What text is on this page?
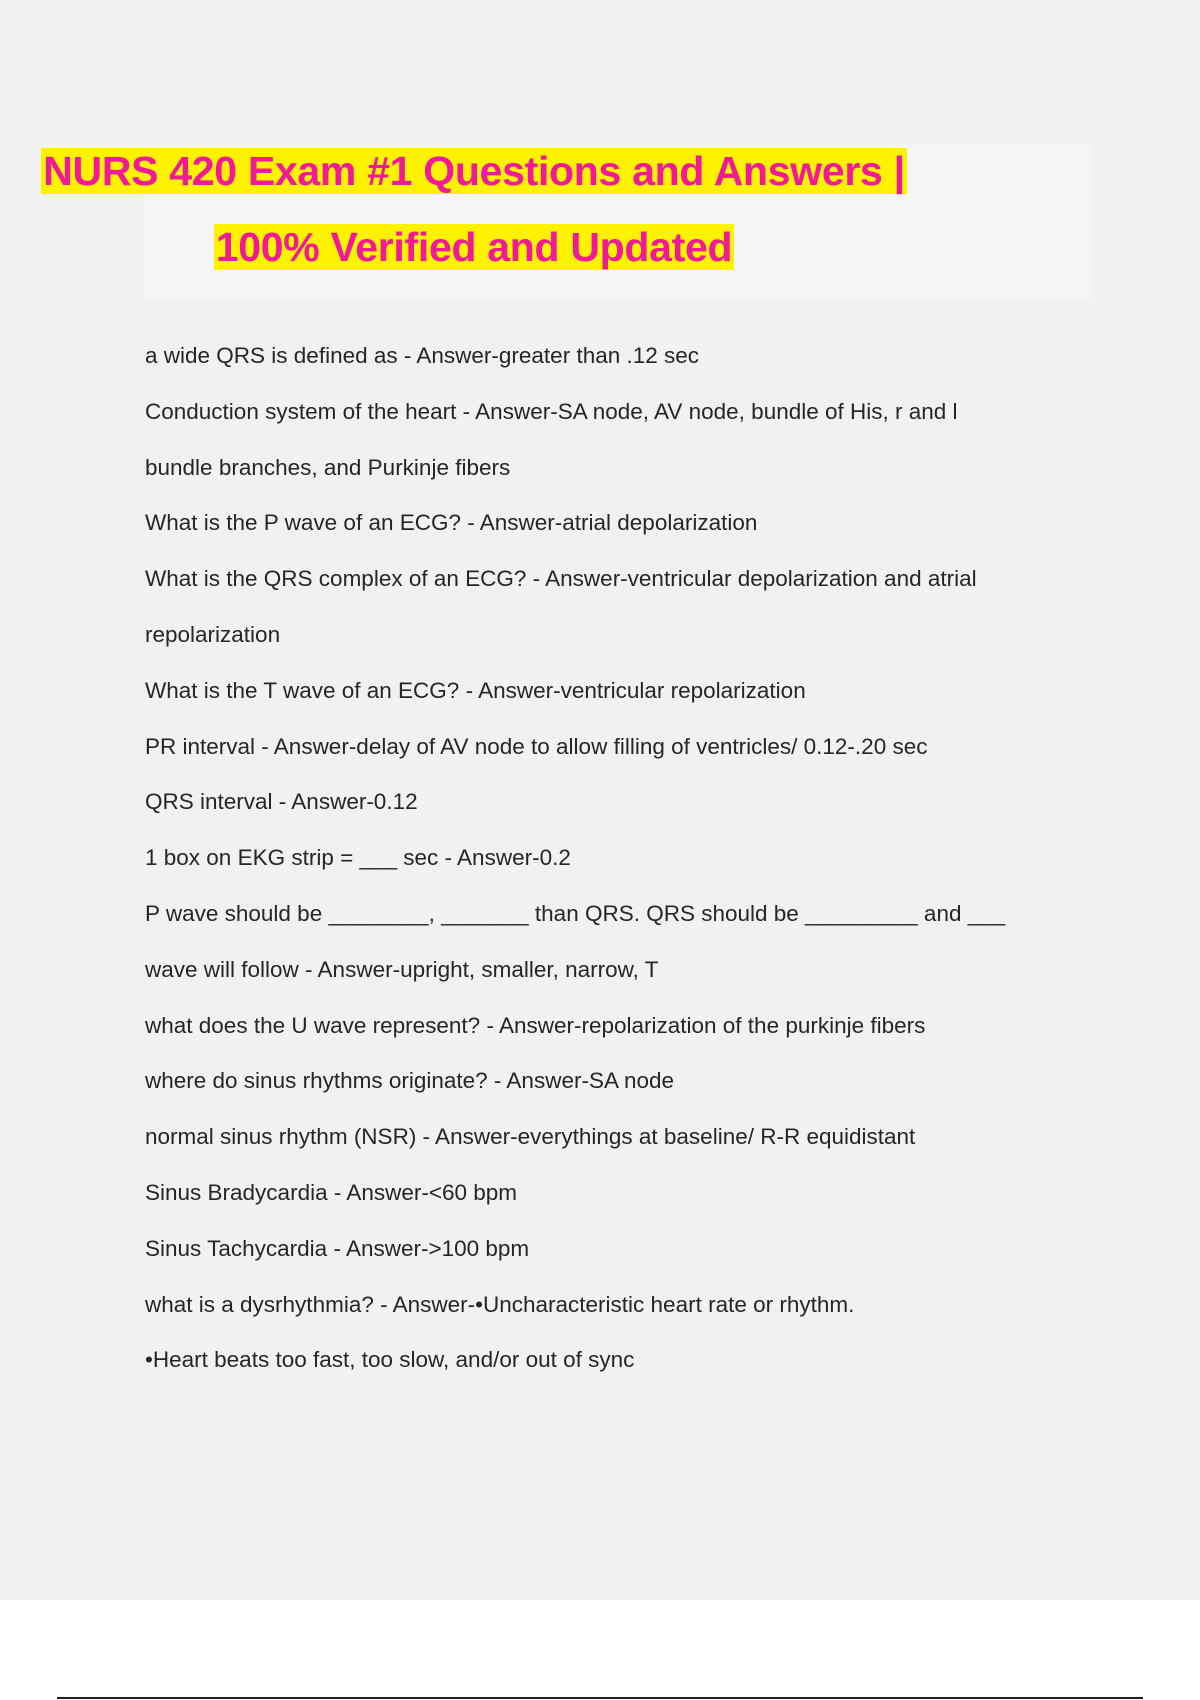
NURS 420 Exam #1 Questions and Answers |
100% Verified and Updated

a wide QRS is defined as - Answer-greater than .12 sec

Conduction system of the heart - Answer-SA node, AV node, bundle of His, r and l

bundle branches, and Purkinje fibers

What is the P wave of an ECG? - Answer-atrial depolarization

What is the QRS complex of an ECG? - Answer-ventricular depolarization and atrial

repolarization

What is the T wave of an ECG? - Answer-ventricular repolarization

PR interval - Answer-delay of AV node to allow filling of ventricles/ 0.12-.20 sec

QRS interval - Answer-0.12

1 box on EKG strip = ___ sec - Answer-0.2

P wave should be ________, _______ than QRS. QRS should be _________ and ___

wave will follow - Answer-upright, smaller, narrow, T

what does the U wave represent? - Answer-repolarization of the purkinje fibers

where do sinus rhythms originate? - Answer-SA node

normal sinus rhythm (NSR) - Answer-everythings at baseline/ R-R equidistant

Sinus Bradycardia - Answer-<60 bpm

Sinus Tachycardia - Answer->100 bpm

what is a dysrhythmia? - Answer-•Uncharacteristic heart rate or rhythm.

•Heart beats too fast, too slow, and/or out of sync
